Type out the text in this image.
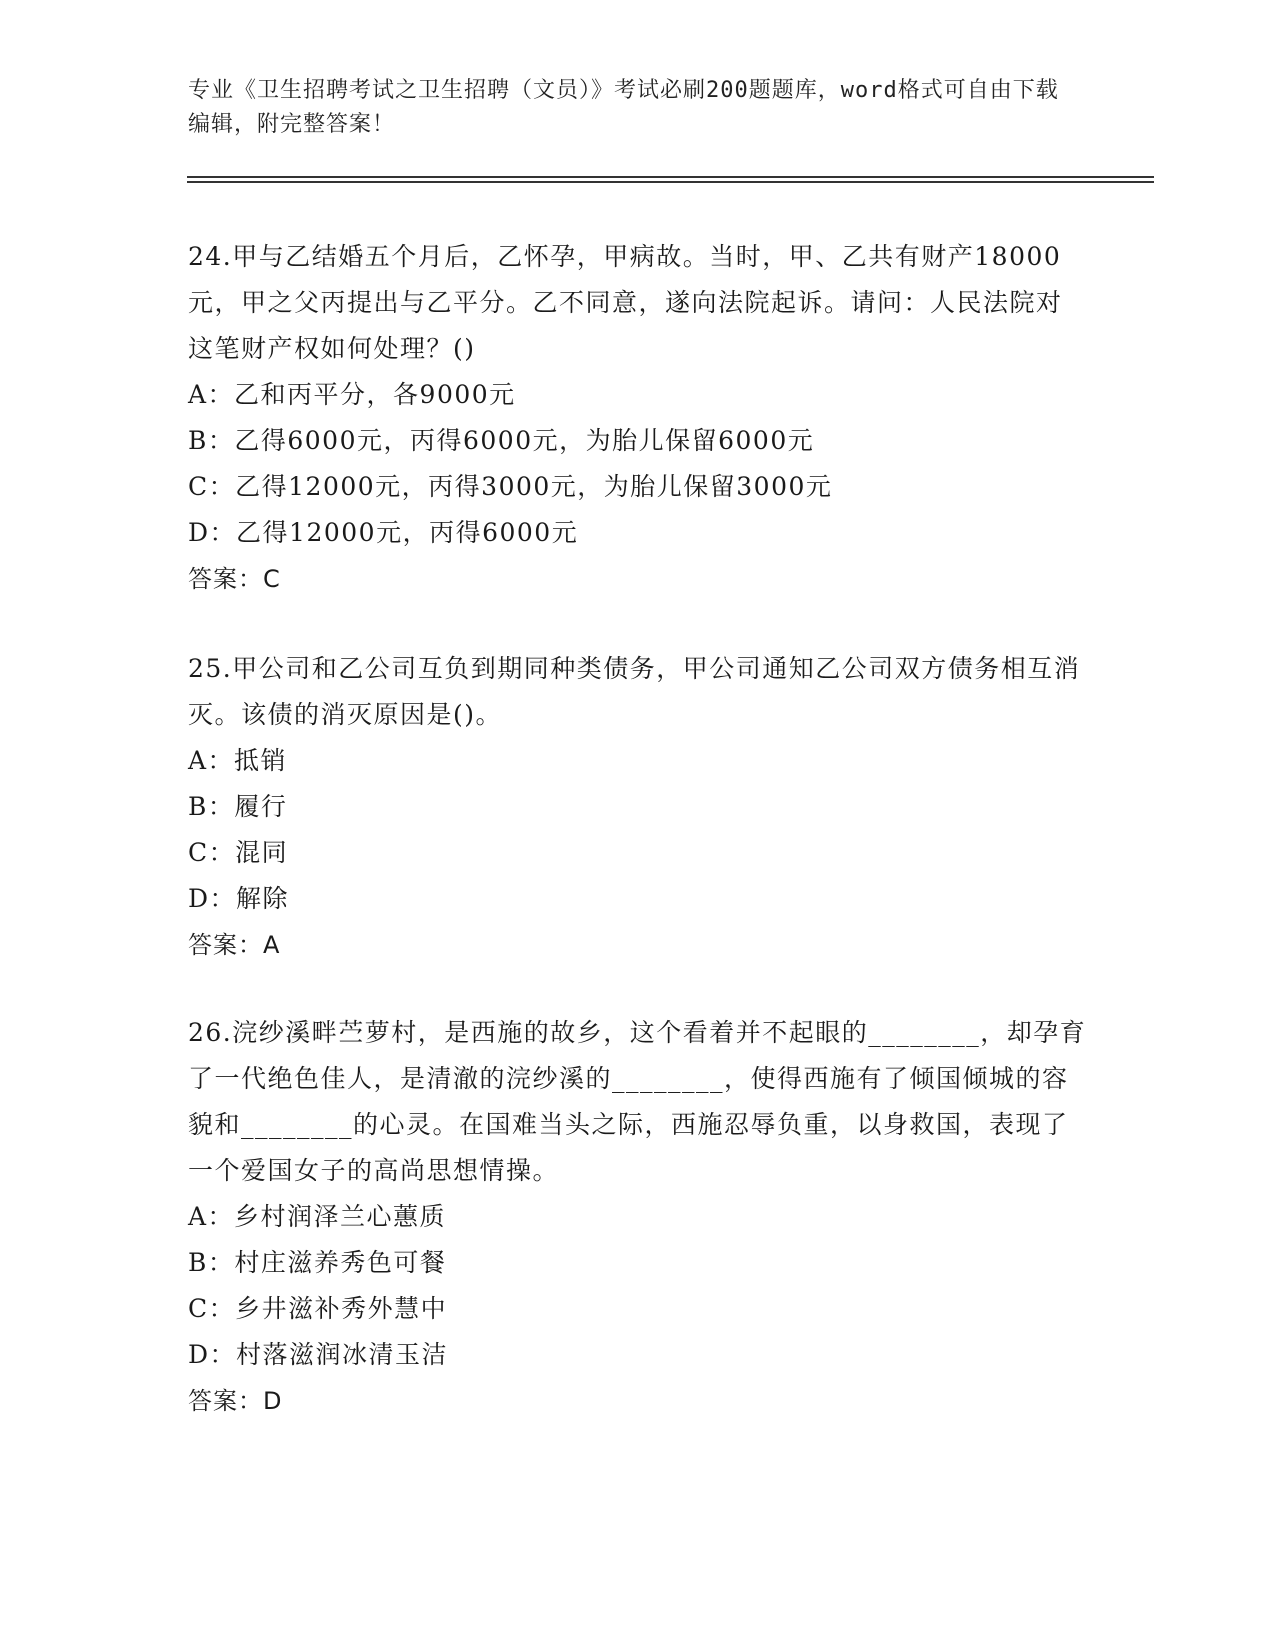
专业《卫生招聘考试之卫生招聘（文员）》考试必刷200题题库，word格式可自由下载编辑，附完整答案！

24.甲与乙结婚五个月后，乙怀孕，甲病故。当时，甲、乙共有财产18000元，甲之父丙提出与乙平分。乙不同意，遂向法院起诉。请问：人民法院对这笔财产权如何处理？()

A：乙和丙平分，各9000元

B：乙得6000元，丙得6000元，为胎儿保留6000元

C：乙得12000元，丙得3000元，为胎儿保留3000元

D：乙得12000元，丙得6000元

答案：C

25.甲公司和乙公司互负到期同种类债务，甲公司通知乙公司双方债务相互消灭。该债的消灭原因是()。

A：抵销

B：履行

C：混同

D：解除

答案：A

26.浣纱溪畔苎萝村，是西施的故乡，这个看着并不起眼的________，却孕育了一代绝色佳人，是清澈的浣纱溪的________，使得西施有了倾国倾城的容貌和________的心灵。在国难当头之际，西施忍辱负重，以身救国，表现了一个爱国女子的高尚思想情操。

A：乡村润泽兰心蕙质

B：村庄滋养秀色可餐

C：乡井滋补秀外慧中

D：村落滋润冰清玉洁

答案：D
